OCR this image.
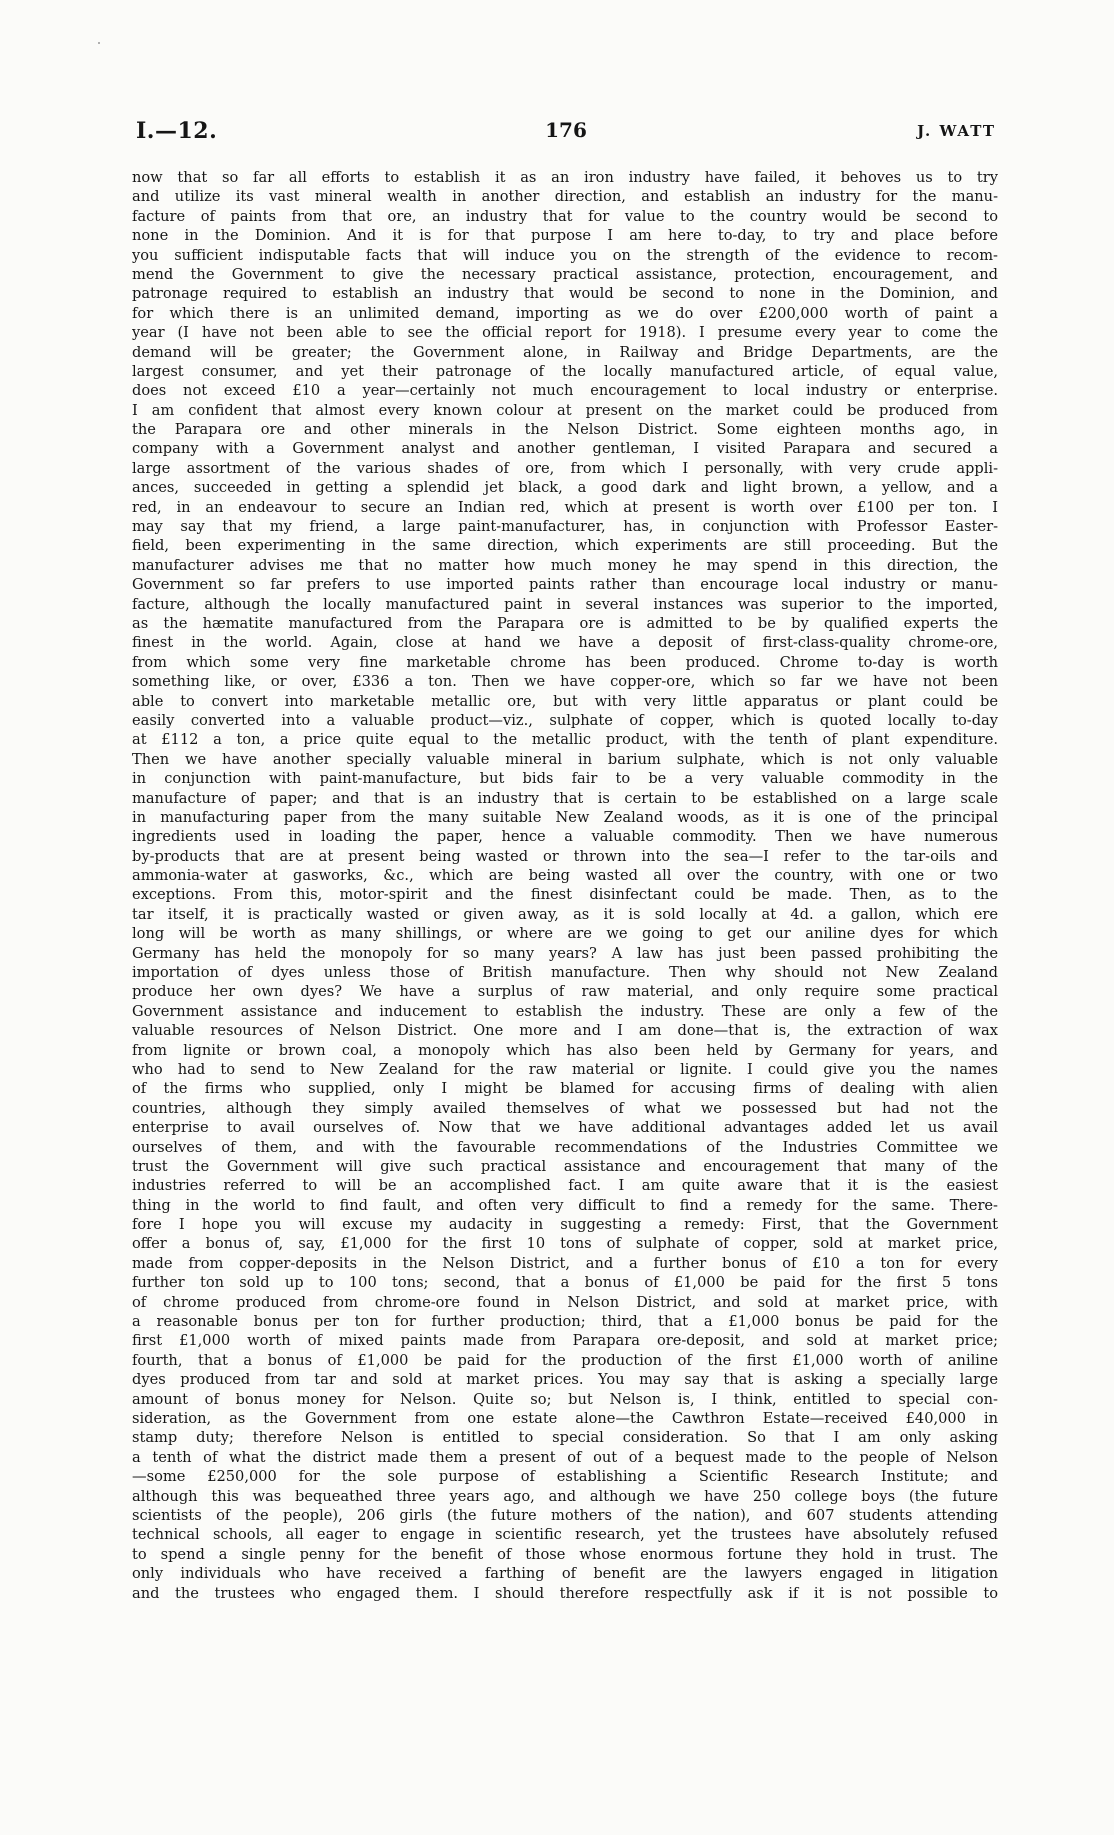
I.—12.	176	J. WATT
now that so far all efforts to establish it as an iron industry have failed, it behoves us to try
and utilize its vast mineral wealth in another direction, and establish an industry for the manu-
facture of paints from that ore, an industry that for value to the country would be second to
none in the Dominion. And it is for that purpose I am here to-day, to try and place before
you sufficient indisputable facts that will induce you on the strength of the evidence to recom-
mend the Government to give the necessary practical assistance, protection, encouragement, and
patronage required to establish an industry that would be second to none in the Dominion, and
for which there is an unlimited demand, importing as we do over £200,000 worth of paint a
year (I have not been able to see the official report for 1918). I presume every year to come the
demand will be greater; the Government alone, in Railway and Bridge Departments, are the
largest consumer, and yet their patronage of the locally manufactured article, of equal value,
does not exceed £10 a year—certainly not much encouragement to local industry or enterprise.
I am confident that almost every known colour at present on the market could be produced from
the Parapara ore and other minerals in the Nelson District. Some eighteen months ago, in
company with a Government analyst and another gentleman, I visited Parapara and secured a
large assortment of the various shades of ore, from which I personally, with very crude appli-
ances, succeeded in getting a splendid jet black, a good dark and light brown, a yellow, and a
red, in an endeavour to secure an Indian red, which at present is worth over £100 per ton. I
may say that my friend, a large paint-manufacturer, has, in conjunction with Professor Easter-
field, been experimenting in the same direction, which experiments are still proceeding. But the
manufacturer advises me that no matter how much money he may spend in this direction, the
Government so far prefers to use imported paints rather than encourage local industry or manu-
facture, although the locally manufactured paint in several instances was superior to the imported,
as the hæmatite manufactured from the Parapara ore is admitted to be by qualified experts the
finest in the world. Again, close at hand we have a deposit of first-class-quality chrome-ore,
from which some very fine marketable chrome has been produced. Chrome to-day is worth
something like, or over, £336 a ton. Then we have copper-ore, which so far we have not been
able to convert into marketable metallic ore, but with very little apparatus or plant could be
easily converted into a valuable product—viz., sulphate of copper, which is quoted locally to-day
at £112 a ton, a price quite equal to the metallic product, with the tenth of plant expenditure.
Then we have another specially valuable mineral in barium sulphate, which is not only valuable
in conjunction with paint-manufacture, but bids fair to be a very valuable commodity in the
manufacture of paper; and that is an industry that is certain to be established on a large scale
in manufacturing paper from the many suitable New Zealand woods, as it is one of the principal
ingredients used in loading the paper, hence a valuable commodity. Then we have numerous
by-products that are at present being wasted or thrown into the sea—I refer to the tar-oils and
ammonia-water at gasworks, &c., which are being wasted all over the country, with one or two
exceptions. From this, motor-spirit and the finest disinfectant could be made. Then, as to the
tar itself, it is practically wasted or given away, as it is sold locally at 4d. a gallon, which ere
long will be worth as many shillings, or where are we going to get our aniline dyes for which
Germany has held the monopoly for so many years? A law has just been passed prohibiting the
importation of dyes unless those of British manufacture. Then why should not New Zealand
produce her own dyes? We have a surplus of raw material, and only require some practical
Government assistance and inducement to establish the industry. These are only a few of the
valuable resources of Nelson District. One more and I am done—that is, the extraction of wax
from lignite or brown coal, a monopoly which has also been held by Germany for years, and
who had to send to New Zealand for the raw material or lignite. I could give you the names
of the firms who supplied, only I might be blamed for accusing firms of dealing with alien
countries, although they simply availed themselves of what we possessed but had not the
enterprise to avail ourselves of. Now that we have additional advantages added let us avail
ourselves of them, and with the favourable recommendations of the Industries Committee we
trust the Government will give such practical assistance and encouragement that many of the
industries referred to will be an accomplished fact. I am quite aware that it is the easiest
thing in the world to find fault, and often very difficult to find a remedy for the same. There-
fore I hope you will excuse my audacity in suggesting a remedy: First, that the Government
offer a bonus of, say, £1,000 for the first 10 tons of sulphate of copper, sold at market price,
made from copper-deposits in the Nelson District, and a further bonus of £10 a ton for every
further ton sold up to 100 tons; second, that a bonus of £1,000 be paid for the first 5 tons
of chrome produced from chrome-ore found in Nelson District, and sold at market price, with
a reasonable bonus per ton for further production; third, that a £1,000 bonus be paid for the
first £1,000 worth of mixed paints made from Parapara ore-deposit, and sold at market price;
fourth, that a bonus of £1,000 be paid for the production of the first £1,000 worth of aniline
dyes produced from tar and sold at market prices. You may say that is asking a specially large
amount of bonus money for Nelson. Quite so; but Nelson is, I think, entitled to special con-
sideration, as the Government from one estate alone—the Cawthron Estate—received £40,000 in
stamp duty; therefore Nelson is entitled to special consideration. So that I am only asking
a tenth of what the district made them a present of out of a bequest made to the people of Nelson
—some £250,000 for the sole purpose of establishing a Scientific Research Institute; and
although this was bequeathed three years ago, and although we have 250 college boys (the future
scientists of the people), 206 girls (the future mothers of the nation), and 607 students attending
technical schools, all eager to engage in scientific research, yet the trustees have absolutely refused
to spend a single penny for the benefit of those whose enormous fortune they hold in trust. The
only individuals who have received a farthing of benefit are the lawyers engaged in litigation
and the trustees who engaged them. I should therefore respectfully ask if it is not possible to
